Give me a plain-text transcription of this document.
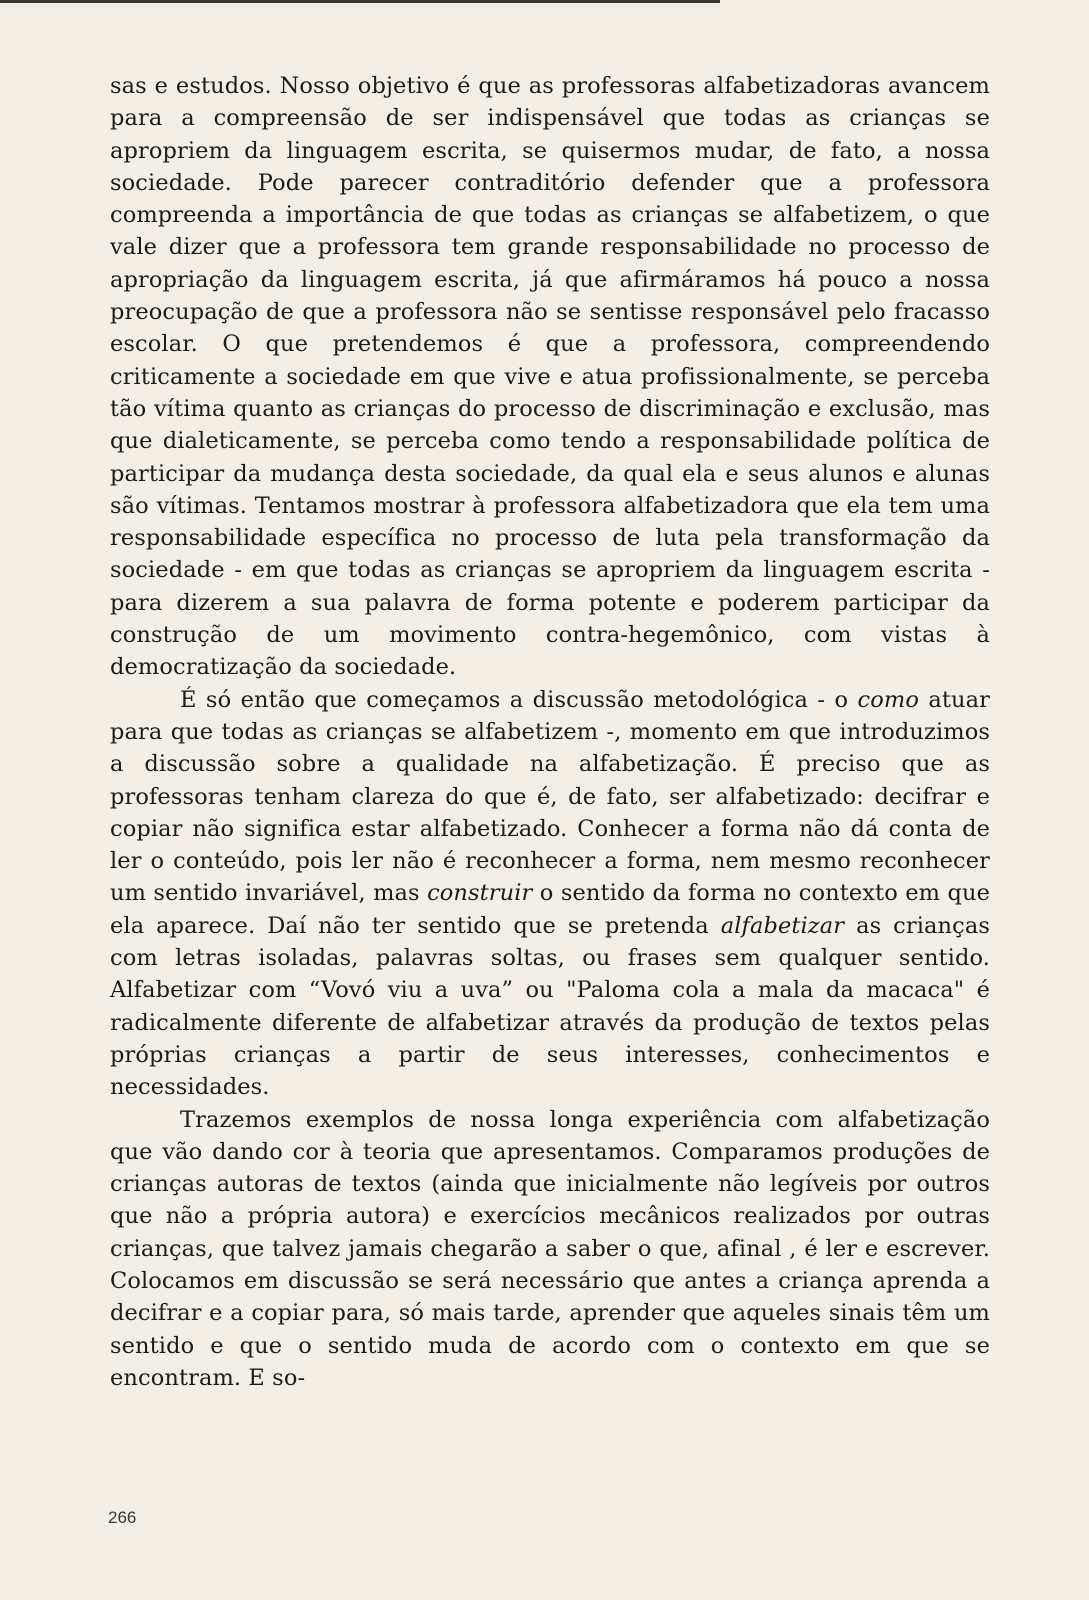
sas e estudos. Nosso objetivo é que as professoras alfabetizadoras avancem para a compreensão de ser indispensável que todas as crianças se apropriem da linguagem escrita, se quisermos mudar, de fato, a nossa sociedade. Pode parecer contraditório defender que a professora compreenda a importância de que todas as crianças se alfabetizem, o que vale dizer que a professora tem grande responsabilidade no processo de apropriação da linguagem escrita, já que afirmáramos há pouco a nossa preocupação de que a professora não se sentisse responsável pelo fracasso escolar. O que pretendemos é que a professora, compreendendo criticamente a sociedade em que vive e atua profissionalmente, se perceba tão vítima quanto as crianças do processo de discriminação e exclusão, mas que dialeticamente, se perceba como tendo a responsabilidade política de participar da mudança desta sociedade, da qual ela e seus alunos e alunas são vítimas. Tentamos mostrar à professora alfabetizadora que ela tem uma responsabilidade específica no processo de luta pela transformação da sociedade - em que todas as crianças se apropriem da linguagem escrita - para dizerem a sua palavra de forma potente e poderem participar da construção de um movimento contra-hegemônico, com vistas à democratização da sociedade.

É só então que começamos a discussão metodológica - o como atuar para que todas as crianças se alfabetizem -, momento em que introduzimos a discussão sobre a qualidade na alfabetização. É preciso que as professoras tenham clareza do que é, de fato, ser alfabetizado: decifrar e copiar não significa estar alfabetizado. Conhecer a forma não dá conta de ler o conteúdo, pois ler não é reconhecer a forma, nem mesmo reconhecer um sentido invariável, mas construir o sentido da forma no contexto em que ela aparece. Daí não ter sentido que se pretenda alfabetizar as crianças com letras isoladas, palavras soltas, ou frases sem qualquer sentido. Alfabetizar com “Vovó viu a uva” ou "Paloma cola a mala da macaca" é radicalmente diferente de alfabetizar através da produção de textos pelas próprias crianças a partir de seus interesses, conhecimentos e necessidades.

Trazemos exemplos de nossa longa experiência com alfabetização que vão dando cor à teoria que apresentamos. Comparamos produções de crianças autoras de textos (ainda que inicialmente não legíveis por outros que não a própria autora) e exercícios mecânicos realizados por outras crianças, que talvez jamais chegarão a saber o que, afinal , é ler e escrever. Colocamos em discussão se será necessário que antes a criança aprenda a decifrar e a copiar para, só mais tarde, aprender que aqueles sinais têm um sentido e que o sentido muda de acordo com o contexto em que se encontram. E so-

266
